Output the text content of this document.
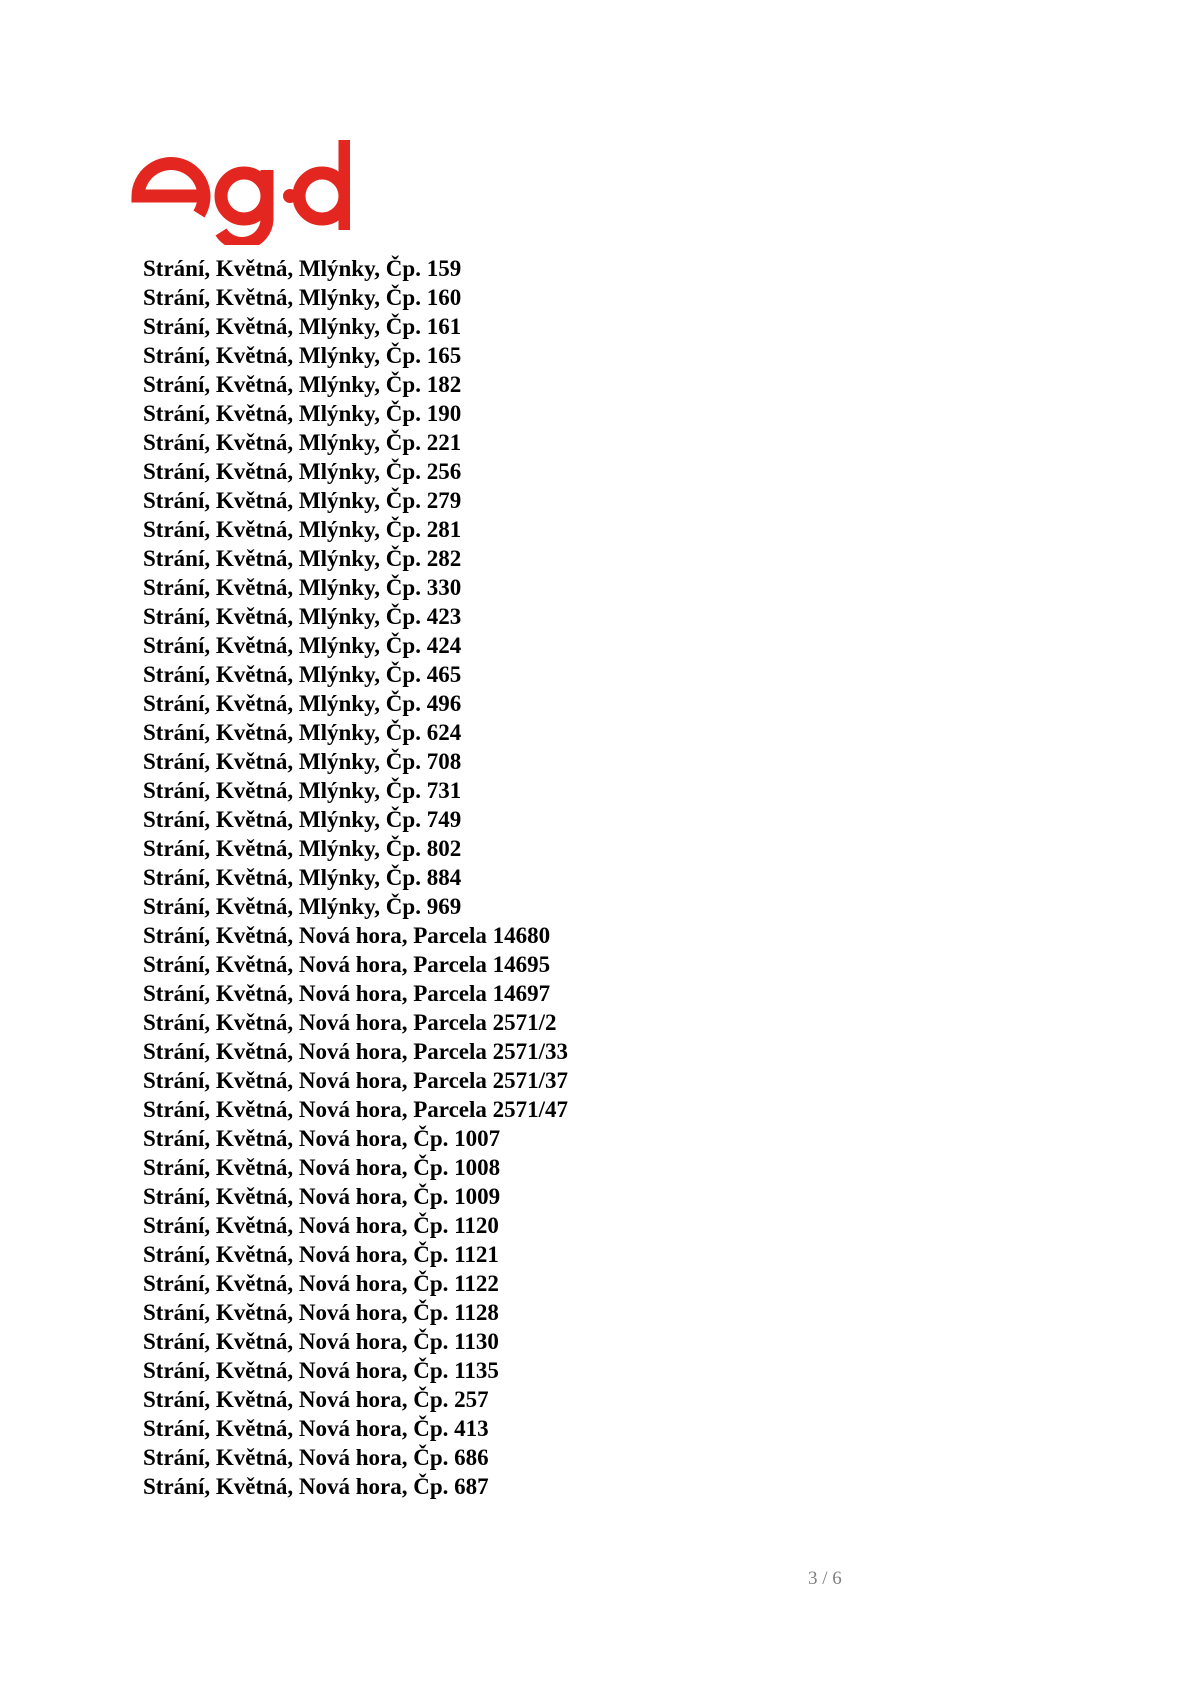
Strání, Květná, Mlýnky, Čp. 159
Strání, Květná, Mlýnky, Čp. 160
Strání, Květná, Mlýnky, Čp. 161
Strání, Květná, Mlýnky, Čp. 165
Strání, Květná, Mlýnky, Čp. 182
Strání, Květná, Mlýnky, Čp. 190
Strání, Květná, Mlýnky, Čp. 221
Strání, Květná, Mlýnky, Čp. 256
Strání, Květná, Mlýnky, Čp. 279
Strání, Květná, Mlýnky, Čp. 281
Strání, Květná, Mlýnky, Čp. 282
Strání, Květná, Mlýnky, Čp. 330
Strání, Květná, Mlýnky, Čp. 423
Strání, Květná, Mlýnky, Čp. 424
Strání, Květná, Mlýnky, Čp. 465
Strání, Květná, Mlýnky, Čp. 496
Strání, Květná, Mlýnky, Čp. 624
Strání, Květná, Mlýnky, Čp. 708
Strání, Květná, Mlýnky, Čp. 731
Strání, Květná, Mlýnky, Čp. 749
Strání, Květná, Mlýnky, Čp. 802
Strání, Květná, Mlýnky, Čp. 884
Strání, Květná, Mlýnky, Čp. 969
Strání, Květná, Nová hora, Parcela 14680
Strání, Květná, Nová hora, Parcela 14695
Strání, Květná, Nová hora, Parcela 14697
Strání, Květná, Nová hora, Parcela 2571/2
Strání, Květná, Nová hora, Parcela 2571/33
Strání, Květná, Nová hora, Parcela 2571/37
Strání, Květná, Nová hora, Parcela 2571/47
Strání, Květná, Nová hora, Čp. 1007
Strání, Květná, Nová hora, Čp. 1008
Strání, Květná, Nová hora, Čp. 1009
Strání, Květná, Nová hora, Čp. 1120
Strání, Květná, Nová hora, Čp. 1121
Strání, Květná, Nová hora, Čp. 1122
Strání, Květná, Nová hora, Čp. 1128
Strání, Květná, Nová hora, Čp. 1130
Strání, Květná, Nová hora, Čp. 1135
Strání, Květná, Nová hora, Čp. 257
Strání, Květná, Nová hora, Čp. 413
Strání, Květná, Nová hora, Čp. 686
Strání, Květná, Nová hora, Čp. 687
3 / 6
